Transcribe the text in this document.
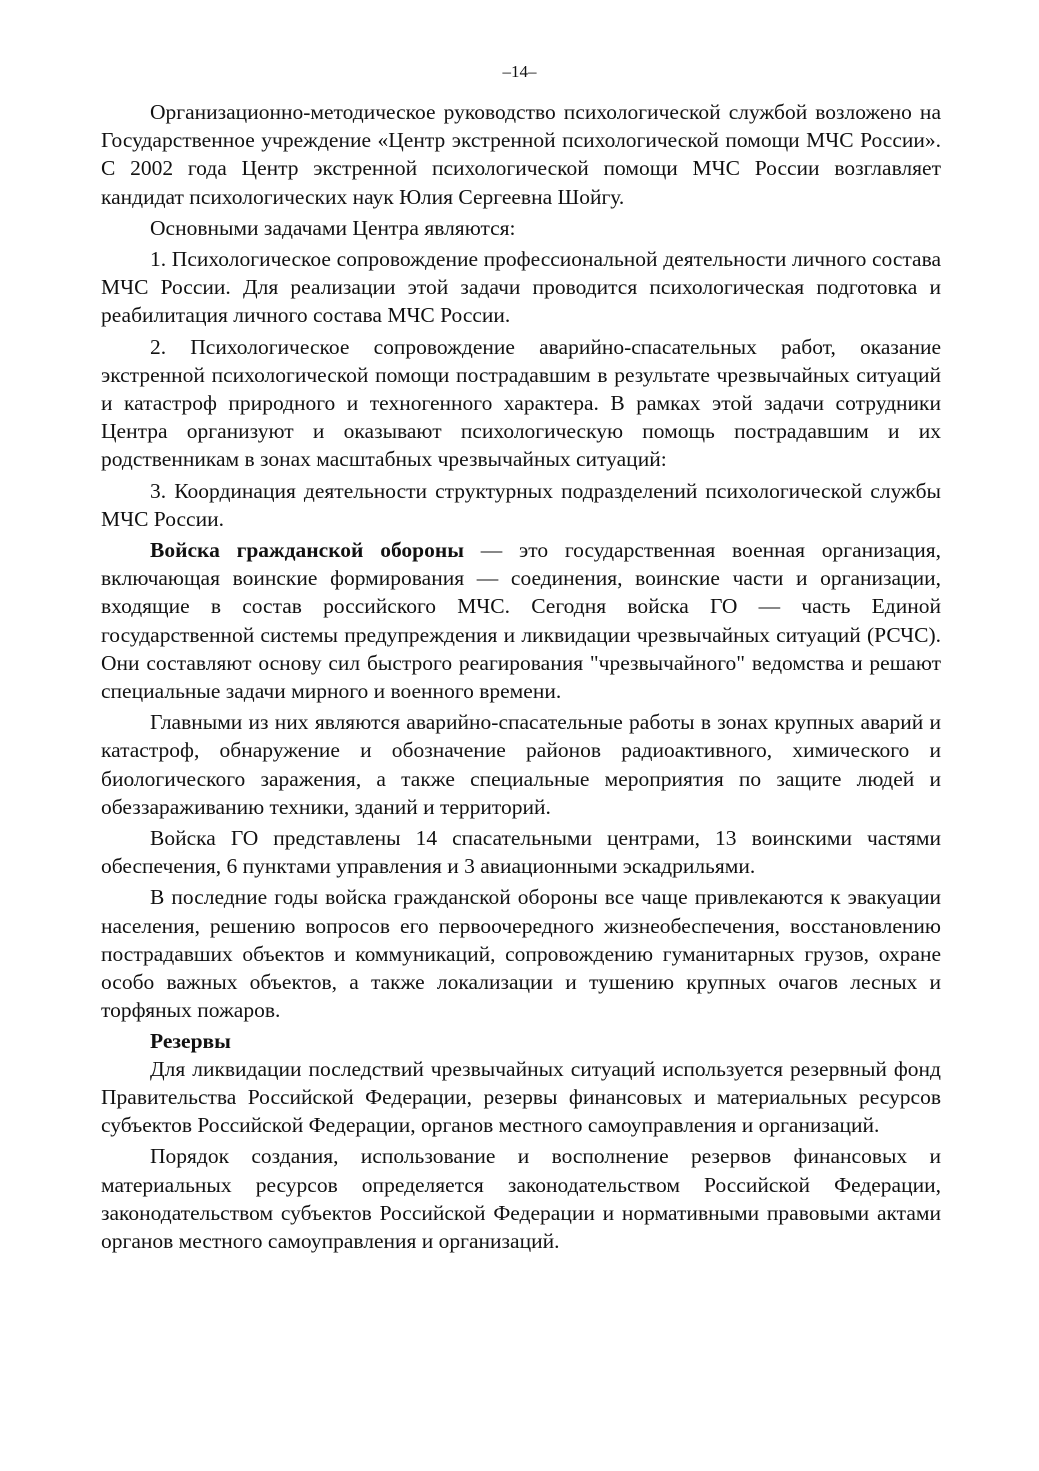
–14–

Организационно-методическое руководство психологической службой возложено на Государственное учреждение «Центр экстренной психологической помощи МЧС России». С 2002 года Центр экстренной психологической помощи МЧС России возглавляет кандидат психологических наук Юлия Сергеевна Шойгу.

Основными задачами Центра являются:

1. Психологическое сопровождение профессиональной деятельности личного состава МЧС России. Для реализации этой задачи проводится психологическая подготовка и реабилитация личного состава МЧС России.

2. Психологическое сопровождение аварийно-спасательных работ, оказание экстренной психологической помощи пострадавшим в результате чрезвычайных ситуаций и катастроф природного и техногенного характера. В рамках этой задачи сотрудники Центра организуют и оказывают психологическую помощь пострадавшим и их родственникам в зонах масштабных чрезвычайных ситуаций:

3. Координация деятельности структурных подразделений психологической службы МЧС России.

Войска гражданской обороны — это государственная военная организация, включающая воинские формирования — соединения, воинские части и организации, входящие в состав российского МЧС. Сегодня войска ГО — часть Единой государственной системы предупреждения и ликвидации чрезвычайных ситуаций (РСЧС). Они составляют основу сил быстрого реагирования "чрезвычайного" ведомства и решают специальные задачи мирного и военного времени.

Главными из них являются аварийно-спасательные работы в зонах крупных аварий и катастроф, обнаружение и обозначение районов радиоактивного, химического и биологического заражения, а также специальные мероприятия по защите людей и обеззараживанию техники, зданий и территорий.

Войска ГО представлены 14 спасательными центрами, 13 воинскими частями обеспечения, 6 пунктами управления и 3 авиационными эскадрильями.

В последние годы войска гражданской обороны все чаще привлекаются к эвакуации населения, решению вопросов его первоочередного жизнеобеспечения, восстановлению пострадавших объектов и коммуникаций, сопровождению гуманитарных грузов, охране особо важных объектов, а также локализации и тушению крупных очагов лесных и торфяных пожаров.

Резервы

Для ликвидации последствий чрезвычайных ситуаций используется резервный фонд Правительства Российской Федерации, резервы финансовых и материальных ресурсов субъектов Российской Федерации, органов местного самоуправления и организаций.

Порядок создания, использование и восполнение резервов финансовых и материальных ресурсов определяется законодательством Российской Федерации, законодательством субъектов Российской Федерации и нормативными правовыми актами органов местного самоуправления и организаций.
